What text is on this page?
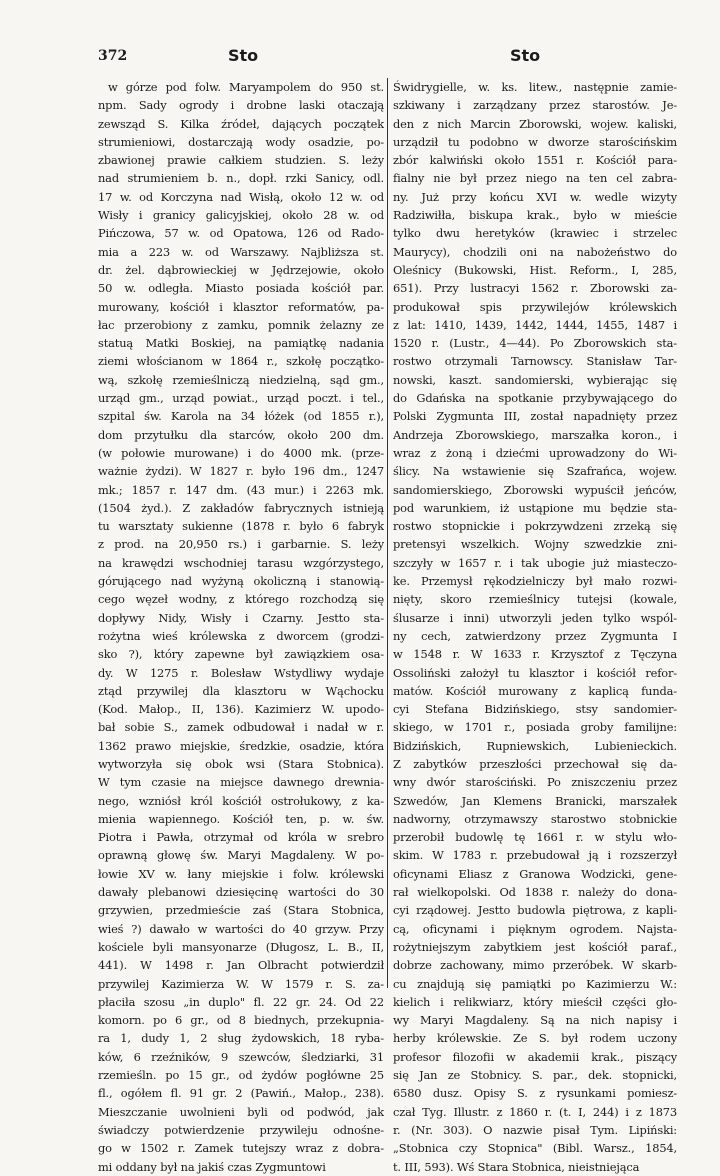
372	Sto	Sto
w górze pod folw. Maryampolem do 950 st.
npm. Sady ogrody i drobne laski otaczają
zewsząd S. Kilka źródeł, dających początek
strumieniowi, dostarczają wody osadzie, po-
zbawionej prawie całkiem studzien. S. leży
nad strumieniem b. n., dopł. rzki Sanicy, odl.
17 w. od Korczyna nad Wisłą, około 12 w. od
Wisły i granicy galicyjskiej, około 28 w. od
Pińczowa, 57 w. od Opatowa, 126 od Rado-
mia a 223 w. od Warszawy. Najbliższa st.
dr. żel. dąbrowieckiej w Jędrzejowie, około
50 w. odległa. Miasto posiada kościół par.
murowany, kościół i klasztor reformatów, pa-
łac przerobiony z zamku, pomnik żelazny ze
statuą Matki Boskiej, na pamiątkę nadania
ziemi włościanom w 1864 r., szkołę początko-
wą, szkołę rzemieślniczą niedzielną, sąd gm.,
urząd gm., urząd powiat., urząd poczt. i tel.,
szpital św. Karola na 34 łóżek (od 1855 r.),
dom przytułku dla starców, około 200 dm.
(w połowie murowane) i do 4000 mk. (prze-
ważnie żydzi). W 1827 r. było 196 dm., 1247
mk.; 1857 r. 147 dm. (43 mur.) i 2263 mk.
(1504 żyd.). Z zakładów fabrycznych istnieją
tu warsztaty sukienne (1878 r. było 6 fabryk
z prod. na 20,950 rs.) i garbarnie. S. leży
na krawędzi wschodniej tarasu wzgórzystego,
górującego nad wyżyną okoliczną i stanowią-
cego węzeł wodny, z którego rozchodzą się
dopływy Nidy, Wisły i Czarny. Jestto sta-
rożytna wieś królewska z dworcem (grodzi-
sko ?), który zapewne był zawiązkiem osa-
dy. W 1275 r. Bolesław Wstydliwy wydaje
ztąd przywilej dla klasztoru w Wąchocku
(Kod. Małop., II, 136). Kazimierz W. upodo-
bał sobie S., zamek odbudował i nadał w r.
1362 prawo miejskie, średzkie, osadzie, która
wytworzyła się obok wsi (Stara Stobnica).
W tym czasie na miejsce dawnego drewnia-
nego, wzniósł król kościół ostrołukowy, z ka-
mienia wapiennego. Kościół ten, p. w. św.
Piotra i Pawła, otrzymał od króla w srebro
oprawną głowę św. Maryi Magdaleny. W po-
łowie XV w. łany miejskie i folw. królewski
dawały plebanowi dziesięcinę wartości do 30
grzywien, przedmieście zaś (Stara Stobnica,
wieś ?) dawało w wartości do 40 grzyw. Przy
kościele byli mansyonarze (Długosz, L. B., II,
441). W 1498 r. Jan Olbracht potwierdził
przywilej Kazimierza W. W 1579 r. S. za-
płaciła szosu „in duplo" fl. 22 gr. 24. Od 22
komorn. po 6 gr., od 8 biednych, przekupnia-
ra 1, dudy 1, 2 sług żydowskich, 18 rybа-
ków, 6 rzeźników, 9 szewców, śledziarki, 31
rzemieśln. po 15 gr., od żydów pogłówne 25
fl., ogółem fl. 91 gr. 2 (Pawiń., Małop., 238).
Mieszczanie uwolnieni byli od podwód, jak
świadczy potwierdzenie przywileju odnośne-
go w 1502 r. Zamek tutejszy wraz z dobra-
mi oddany był na jakiś czas Zygmuntowi
Świdrygielle, w. ks. litew., następnie zamie-
szkiwany i zarządzany przez starostów. Je-
den z nich Marcin Zborowski, wojew. kaliski,
urządził tu podobno w dworze starościńskim
zbór kalwiński około 1551 r. Kościół para-
fialny nie był przez niego na ten cel zabra-
ny. Już przy końcu XVI w. wedle wizyty
Radziwiłła, biskupa krak., było w mieście
tylko dwu heretyków (krawiec i strzelec
Maurycy), chodzili oni na nabożeństwo do
Oleśnicy (Bukowski, Hist. Reform., I, 285,
651). Przy lustracyi 1562 r. Zborowski za-
produkował spis przywilejów królewskich
z lat: 1410, 1439, 1442, 1444, 1455, 1487 i
1520 r. (Lustr., 4—44). Po Zborowskich sta-
rostwo otrzymali Tarnowscy. Stanisław Tar-
nowski, kaszt. sandomierski, wybierając się
do Gdańska na spotkanie przybywającego do
Polski Zygmunta III, został napadnięty przez
Andrzeja Zborowskiego, marszałka koron., i
wraz z żoną i dziećmi uprowadzony do Wi-
ślicy. Na wstawienie się Szafrańca, wojew.
sandomierskiego, Zborowski wypuścił jeńców,
pod warunkiem, iż ustąpione mu będzie sta-
rostwo stopnickie i pokrzywdzeni zrzeką się
pretensyi wszelkich. Wojny szwedzkie zni-
szczyły w 1657 r. i tak ubogie już miasteczo-
ke. Przemysł rękodzielniczy był mało rozwi-
nięty, skoro rzemieślnicy tutejsi (kowale,
ślusarze i inni) utworzyli jeden tylko wspól-
ny cech, zatwierdzony przez Zygmunta I
w 1548 r. W 1633 r. Krzysztof z Tęczyna
Ossoliński założył tu klasztor i kościół refor-
matów. Kościół murowany z kaplicą funda-
cyi Stefana Bidzińskiego, stsy sandomier-
skiego, w 1701 r., posiada groby familijne:
Bidzińskich, Rupniewskich, Lubienieckich.
Z zabytków przeszłości przechował się da-
wny dwór starościński. Po zniszczeniu przez
Szwedów, Jan Klemens Branicki, marszałek
nadworny, otrzymawszy starostwo stobnickie
przerobił budowlę tę 1661 r. w stylu wło-
skim. W 1783 r. przebudował ją i rozszerzył
oficynami Eliasz z Granowa Wodzicki, gene-
rał wielkopolski. Od 1838 r. należy do donа-
cyi rządowej. Jestto budowla piętrowa, z kapli-
cą, oficynami i pięknym ogrodem. Najsta-
rożytniejszym zabytkiem jest kościół paraf.,
dobrze zachowany, mimo przeróbek. W skarb-
cu znajdują się pamiątki po Kazimierzu W.:
kielich i relikwiarz, który mieścił części gło-
wy Maryi Magdaleny. Są na nich napisy i
herby królewskie. Ze S. był rodem uczony
profesor filozofii w akademii krak., piszący
się Jan ze Stobnicy. S. par., dek. stopnicki,
6580 dusz. Opisy S. z rysunkami pomiesz-
czał Tyg. Illustr. z 1860 r. (t. I, 244) i z 1873
r. (Nr. 303). O nazwie pisał Tym. Lipiński:
„Stobnica czy Stopnica" (Bibl. Warsz., 1854,
t. III, 593). Wś Stara Stobnica, nieistniejąca
